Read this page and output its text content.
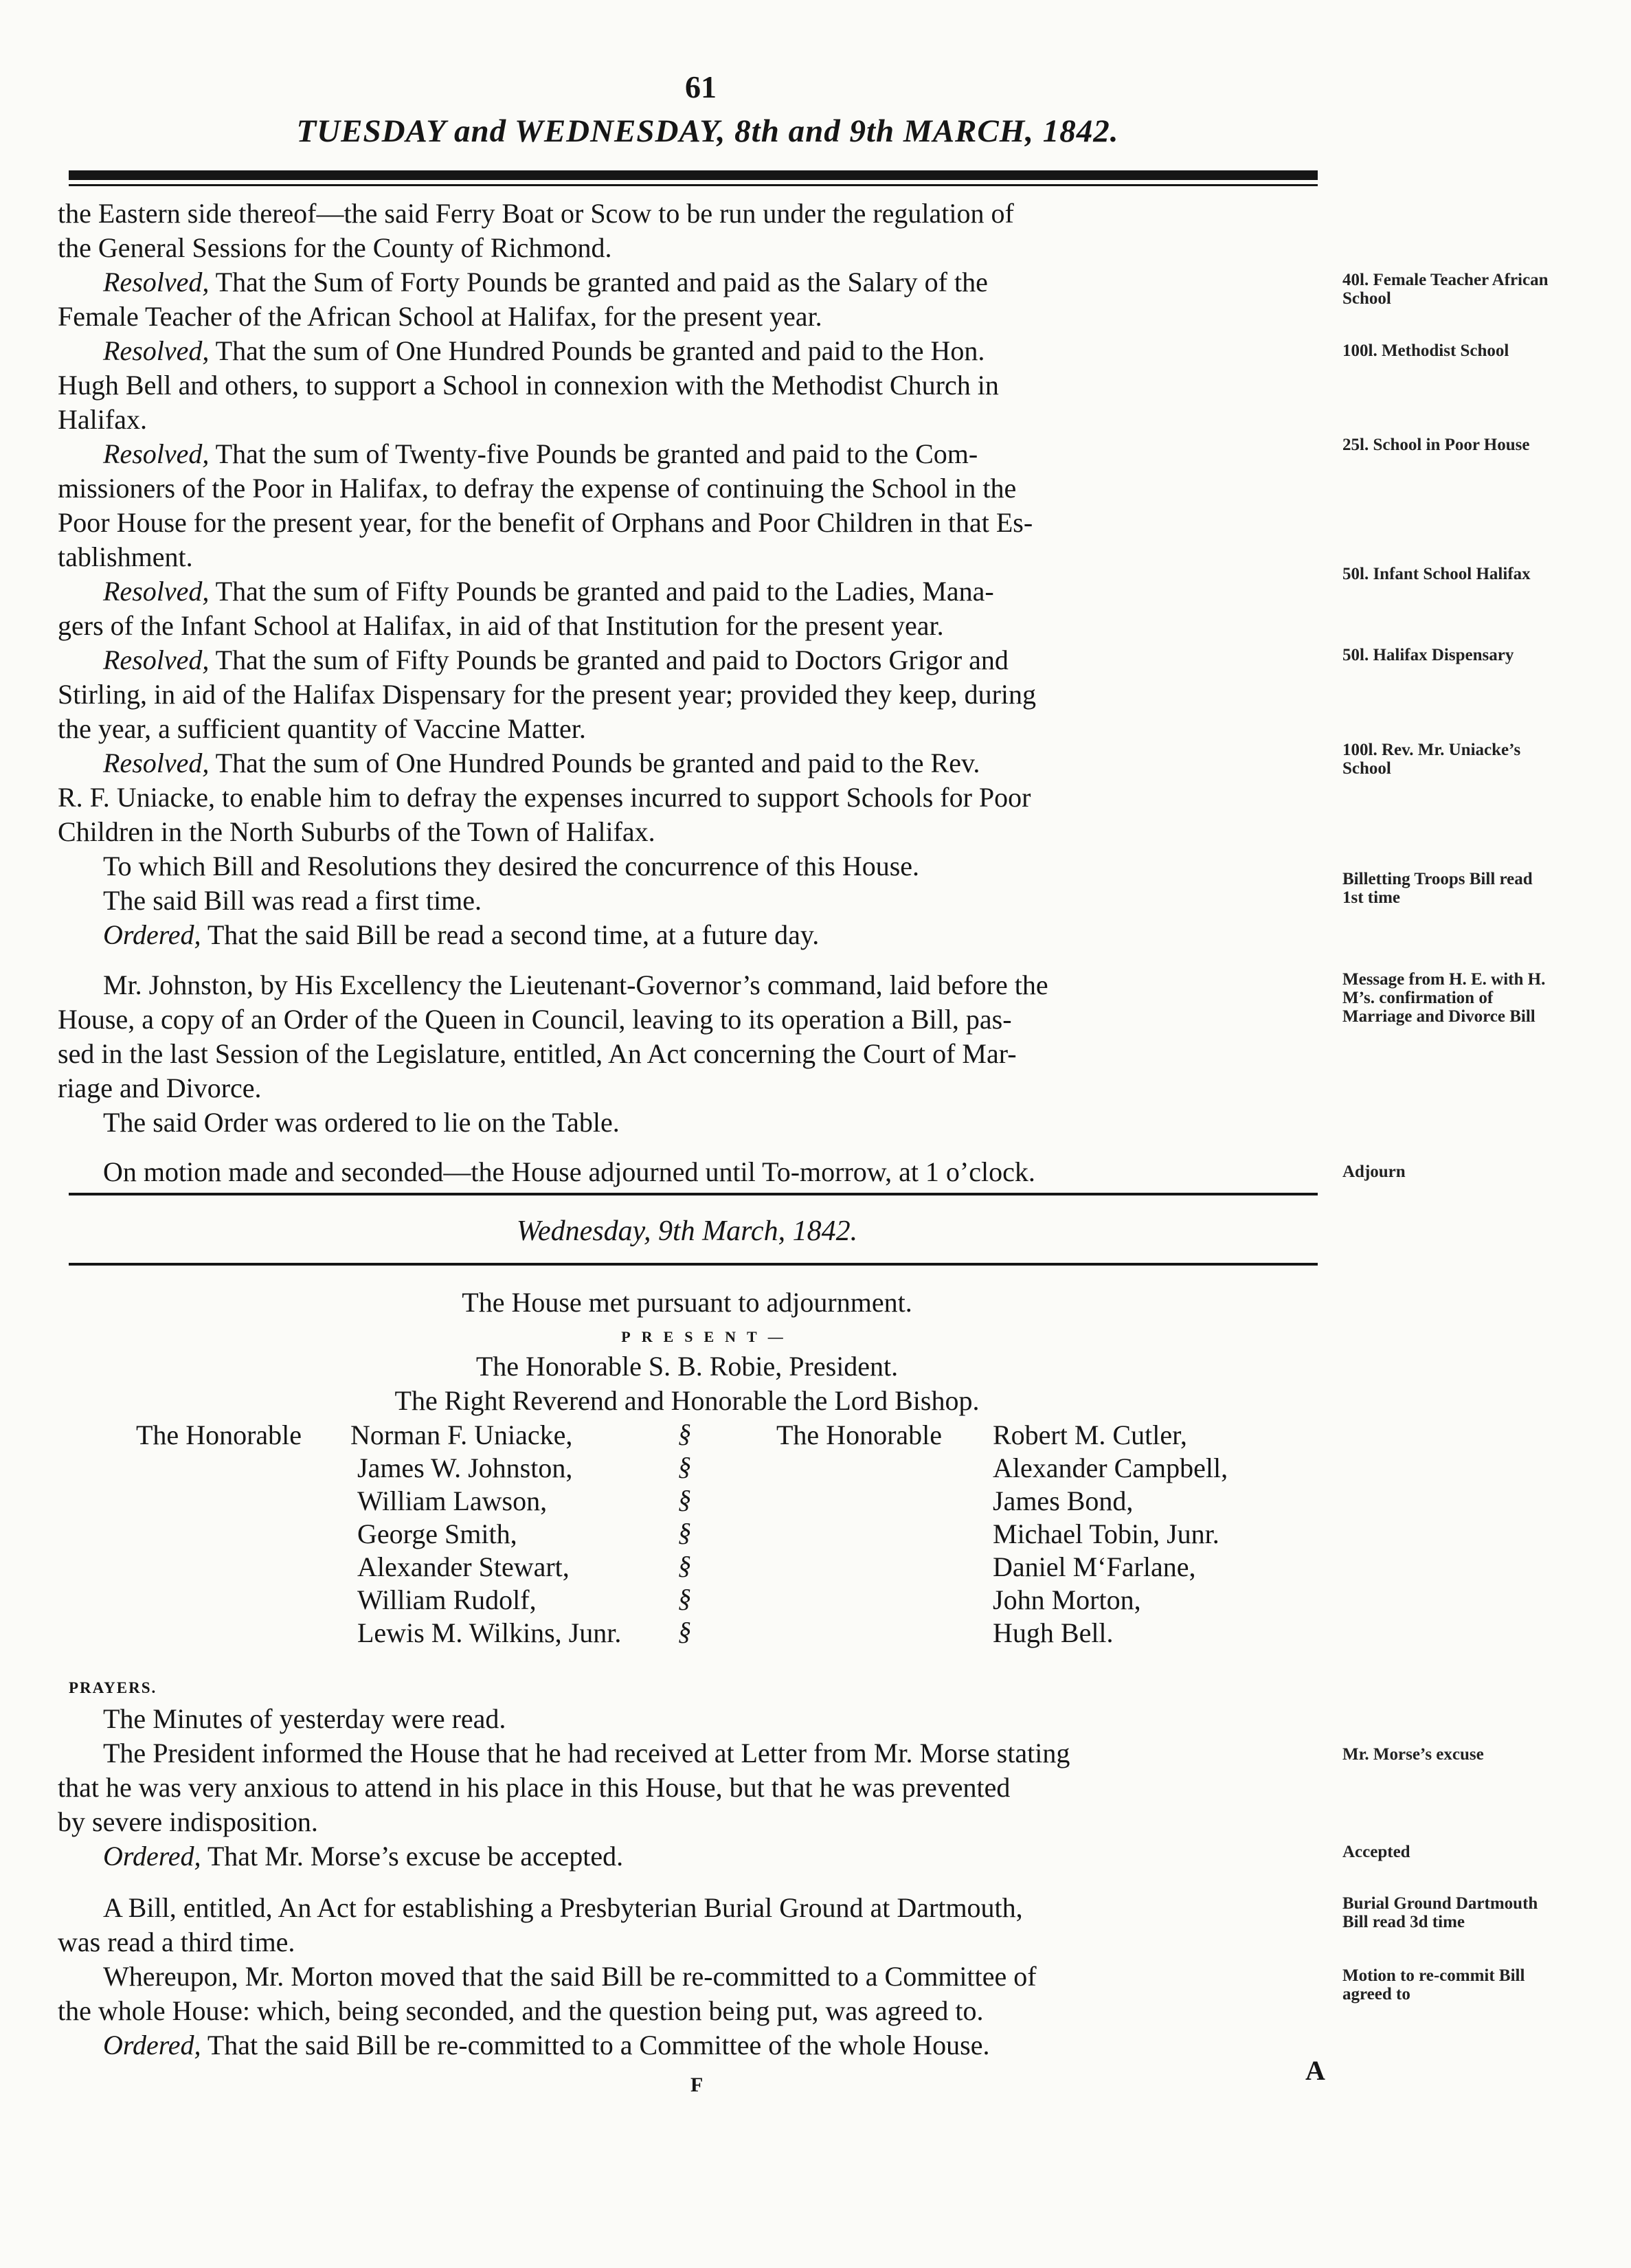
61
TUESDAY and WEDNESDAY, 8th and 9th MARCH, 1842.
the Eastern side thereof—the said Ferry Boat or Scow to be run under the regulation of
the General Sessions for the County of Richmond.
Resolved, That the Sum of Forty Pounds be granted and paid as the Salary of the
Female Teacher of the African School at Halifax, for the present year.
Resolved, That the sum of One Hundred Pounds be granted and paid to the Hon.
Hugh Bell and others, to support a School in connexion with the Methodist Church in
Halifax.
Resolved, That the sum of Twenty-five Pounds be granted and paid to the Com-
missioners of the Poor in Halifax, to defray the expense of continuing the School in the
Poor House for the present year, for the benefit of Orphans and Poor Children in that Es-
tablishment.
Resolved, That the sum of Fifty Pounds be granted and paid to the Ladies, Mana-
gers of the Infant School at Halifax, in aid of that Institution for the present year.
Resolved, That the sum of Fifty Pounds be granted and paid to Doctors Grigor and
Stirling, in aid of the Halifax Dispensary for the present year; provided they keep, during
the year, a sufficient quantity of Vaccine Matter.
Resolved, That the sum of One Hundred Pounds be granted and paid to the Rev.
R. F. Uniacke, to enable him to defray the expenses incurred to support Schools for Poor
Children in the North Suburbs of the Town of Halifax.
To which Bill and Resolutions they desired the concurrence of this House.
The said Bill was read a first time.
Ordered, That the said Bill be read a second time, at a future day.
Mr. Johnston, by His Excellency the Lieutenant-Governor’s command, laid before the
House, a copy of an Order of the Queen in Council, leaving to its operation a Bill, pas-
sed in the last Session of the Legislature, entitled, An Act concerning the Court of Mar-
riage and Divorce.
The said Order was ordered to lie on the Table.
On motion made and seconded—the House adjourned until To-morrow, at 1 o’clock.
Wednesday, 9th March, 1842.
The House met pursuant to adjournment.
PRESENT—
The Honorable S. B. Robie, President.
The Right Reverend and Honorable the Lord Bishop.
The Honorable Norman F. Uniacke,
James W. Johnston,
William Lawson,
George Smith,
Alexander Stewart,
William Rudolf,
Lewis M. Wilkins, Junr.
§
§
§
§
§
§
§
The Honorable Robert M. Cutler,
Alexander Campbell,
James Bond,
Michael Tobin, Junr.
Daniel M‘Farlane,
John Morton,
Hugh Bell.
PRAYERS.
The Minutes of yesterday were read.
The President informed the House that he had received at Letter from Mr. Morse stating
that he was very anxious to attend in his place in this House, but that he was prevented
by severe indisposition.
Ordered, That Mr. Morse’s excuse be accepted.
A Bill, entitled, An Act for establishing a Presbyterian Burial Ground at Dartmouth,
was read a third time.
Whereupon, Mr. Morton moved that the said Bill be re-committed to a Committee of
the whole House: which, being seconded, and the question being put, was agreed to.
Ordered, That the said Bill be re-committed to a Committee of the whole House.
40l. Female Teacher African School
100l. Methodist School
25l. School in Poor House
50l. Infant School Halifax
50l. Halifax Dispensary
100l. Rev. Mr. Uniacke’s School
Billetting Troops Bill read 1st time
Message from H. E. with H. M’s. confirmation of Marriage and Divorce Bill
Adjourn
Mr. Morse’s excuse
Accepted
Burial Ground Dartmouth Bill read 3d time
Motion to re-commit Bill agreed to
F	A
